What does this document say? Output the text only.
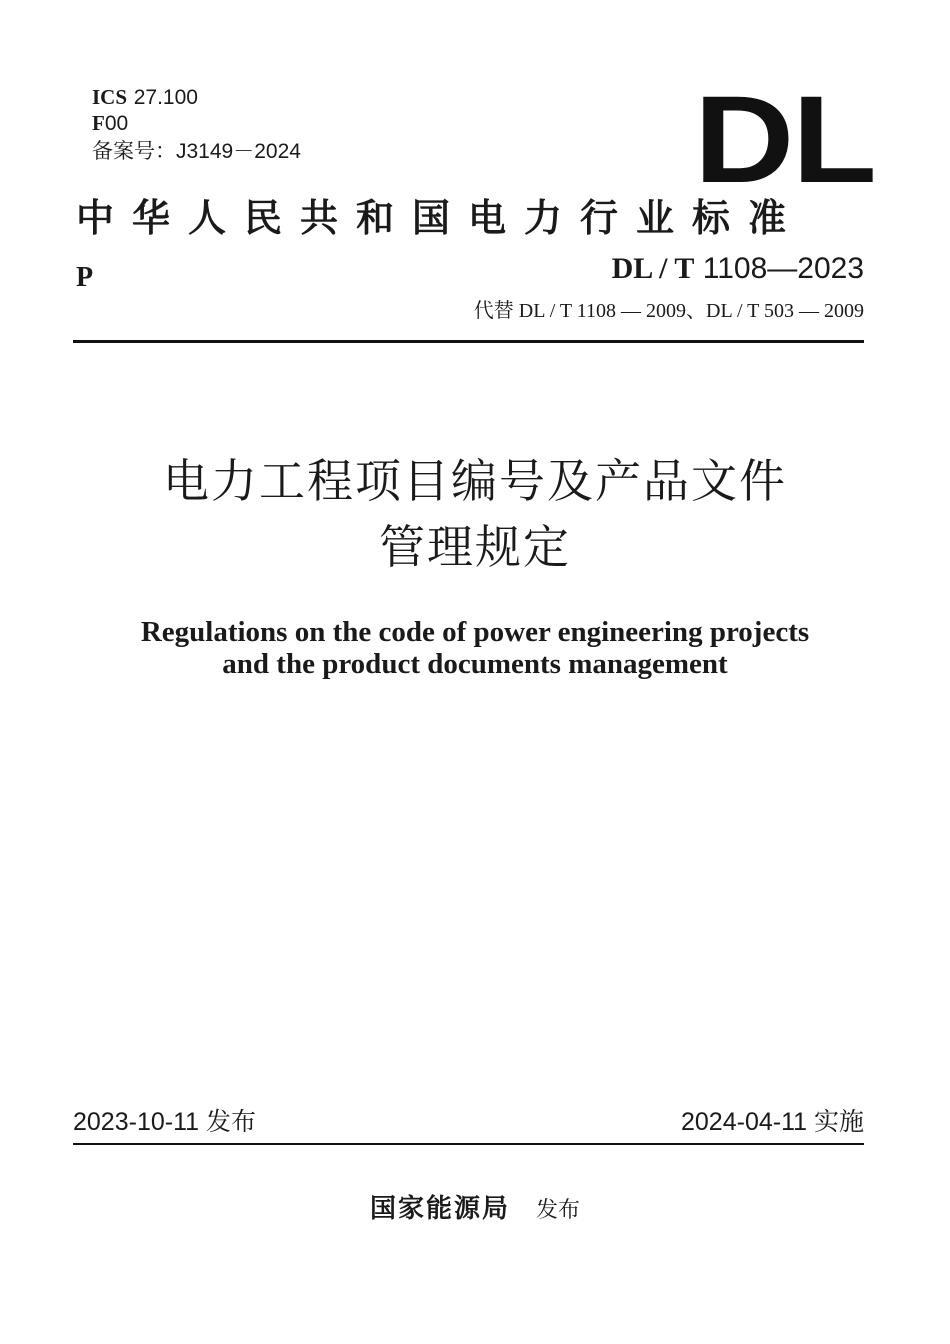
ICS 27.100
F00
备案号：J3149－2024	DL
中华人民共和国电力行业标准
P	DL / T 1108—2023
代替 DL / T 1108 — 2009、DL / T 503 — 2009
电力工程项目编号及产品文件
管理规定
Regulations on the code of power engineering projects
and the product documents management
2023-10-11 发布	2024-04-11 实施
国家能源局 发布
